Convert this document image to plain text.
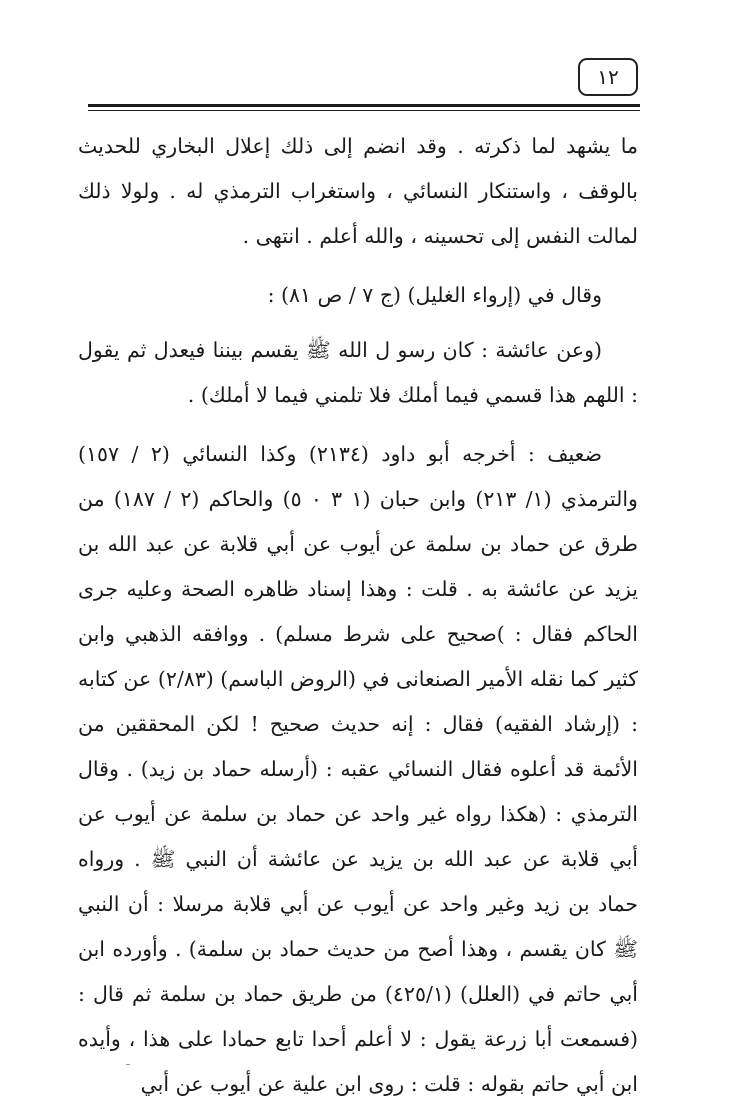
١٢

ما يشهد لما ذكرته . وقد انضم إلى ذلك إعلال البخاري للحديث بالوقف ، واستنكار النسائي ، واستغراب الترمذي له . ولولا ذلك لمالت النفس إلى تحسينه ، والله أعلم . انتهى .

وقال في (إرواء الغليل) (ج ٧ / ص ٨١) :

(وعن عائشة : كان رسو ل الله ﷺ يقسم بيننا فيعدل ثم يقول : اللهم هذا قسمي فيما أملك فلا تلمني فيما لا أملك) .

ضعيف : أخرجه أبو داود (٢١٣٤) وكذا النسائي (٢ / ١٥٧) والترمذي (١/ ٢١٣) وابن حبان (١ ٣ ٠ ٥) والحاكم (٢ / ١٨٧) من طرق عن حماد بن سلمة عن أيوب عن أبي قلابة عن عبد الله بن يزيد عن عائشة به . قلت : وهذا إسناد ظاهره الصحة وعليه جرى الحاكم فقال : )صحيح على شرط مسلم) . ووافقه الذهبي وابن كثير كما نقله الأمير الصنعانى في (الروض الباسم) (٢/٨٣) عن كتابه : (إرشاد الفقيه) فقال : إنه حديث صحيح ! لكن المحققين من الأئمة قد أعلوه فقال النسائي عقبه : (أرسله حماد بن زيد) . وقال الترمذي : (هكذا رواه غير واحد عن حماد بن سلمة عن أيوب عن أبي قلابة عن عبد الله بن يزيد عن عائشة أن النبي ﷺ . ورواه حماد بن زيد وغير واحد عن أيوب عن أبي قلابة مرسلا : أن النبي ﷺ كان يقسم ، وهذا أصح من حديث حماد بن سلمة) . وأورده ابن أبي حاتم في (العلل) (٤٢٥/١) من طريق حماد بن سلمة ثم قال : (فسمعت أبا زرعة يقول : لا أعلم أحدا تابع حمادا على هذا ، وأيده ابن أبي حاتم بقوله : قلت : روى ابن علية عن أيوب عن أبي
